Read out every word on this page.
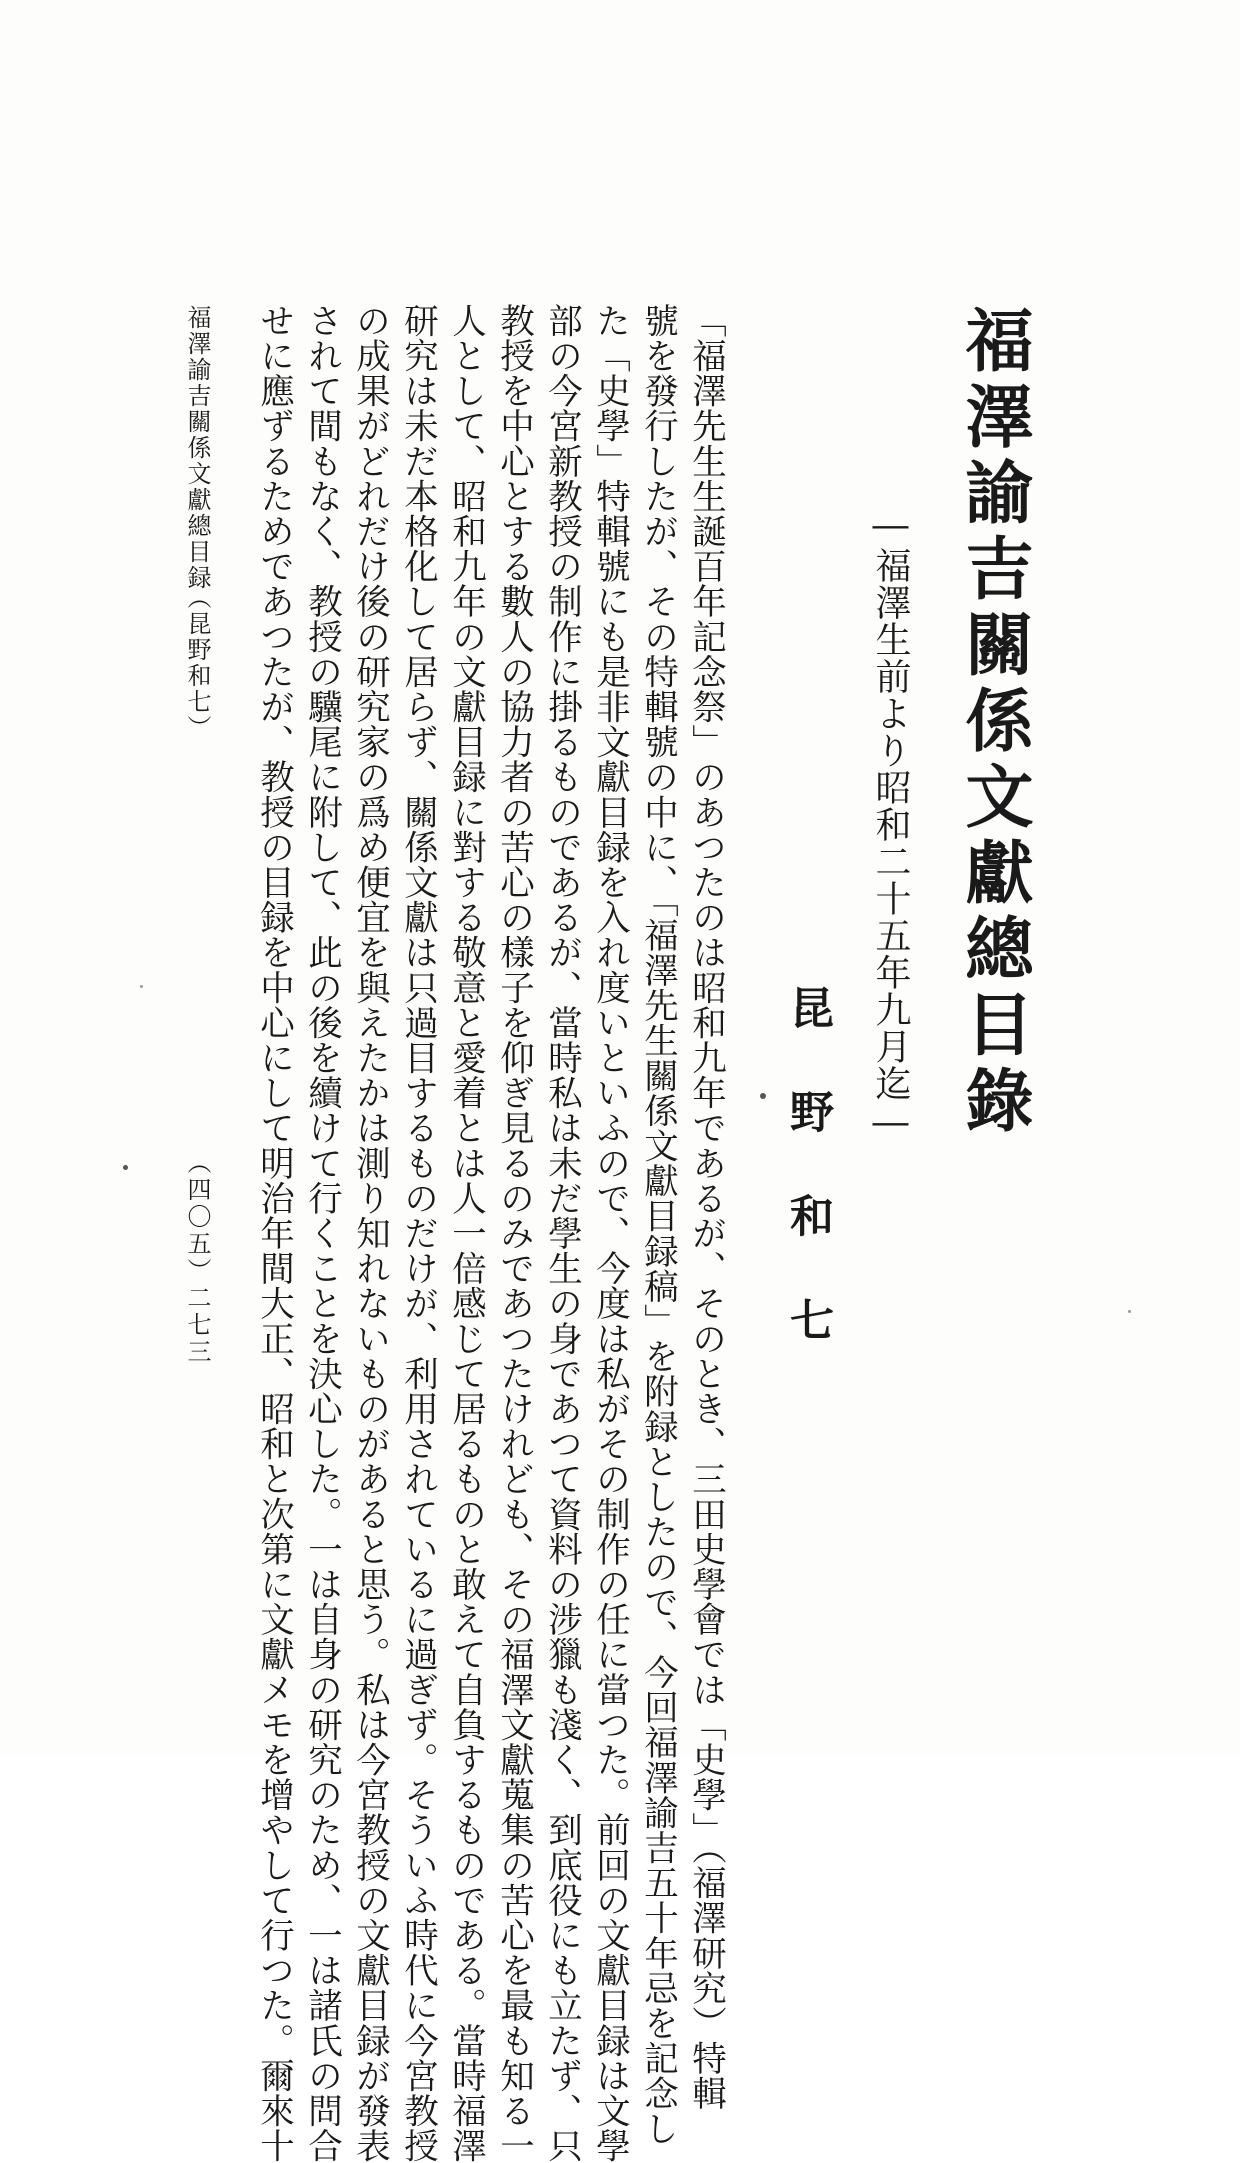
福澤諭吉關係文獻總目錄
―福澤生前より昭和二十五年九月迄―
昆野和七
「福澤先生生誕百年記念祭」のあつたのは昭和九年であるが、そのとき、三田史學會では「史學」（福澤研究）特輯
號を發行したが、その特輯號の中に、「福澤先生關係文獻目録稿」を附録としたので、今回福澤諭吉五十年忌を記念し
た「史學」特輯號にも是非文獻目録を入れ度いといふので、今度は私がその制作の任に當つた。前回の文獻目録は文學
部の今宮新教授の制作に掛るものであるが、當時私は未だ學生の身であつて資料の涉獵も淺く、到底役にも立たず、只
教授を中心とする數人の協力者の苦心の樣子を仰ぎ見るのみであつたけれども、その福澤文獻蒐集の苦心を最も知る一
人として、昭和九年の文獻目録に對する敬意と愛着とは人一倍感じて居るものと敢えて自負するものである。當時福澤
研究は未だ本格化して居らず、關係文獻は只過目するものだけが、利用されているに過ぎず。そういふ時代に今宮教授
の成果がどれだけ後の研究家の爲め便宜を與えたかは測り知れないものがあると思う。私は今宮教授の文獻目録が發表
されて間もなく、教授の驥尾に附して、此の後を續けて行くことを決心した。一は自身の研究のため、一は諸氏の問合
せに應ずるためであつたが、教授の目録を中心にして明治年間大正、昭和と次第に文獻メモを增やして行つた。爾來十
福澤諭吉關係文獻總目録
（昆野和七）
（四〇五）二七三
